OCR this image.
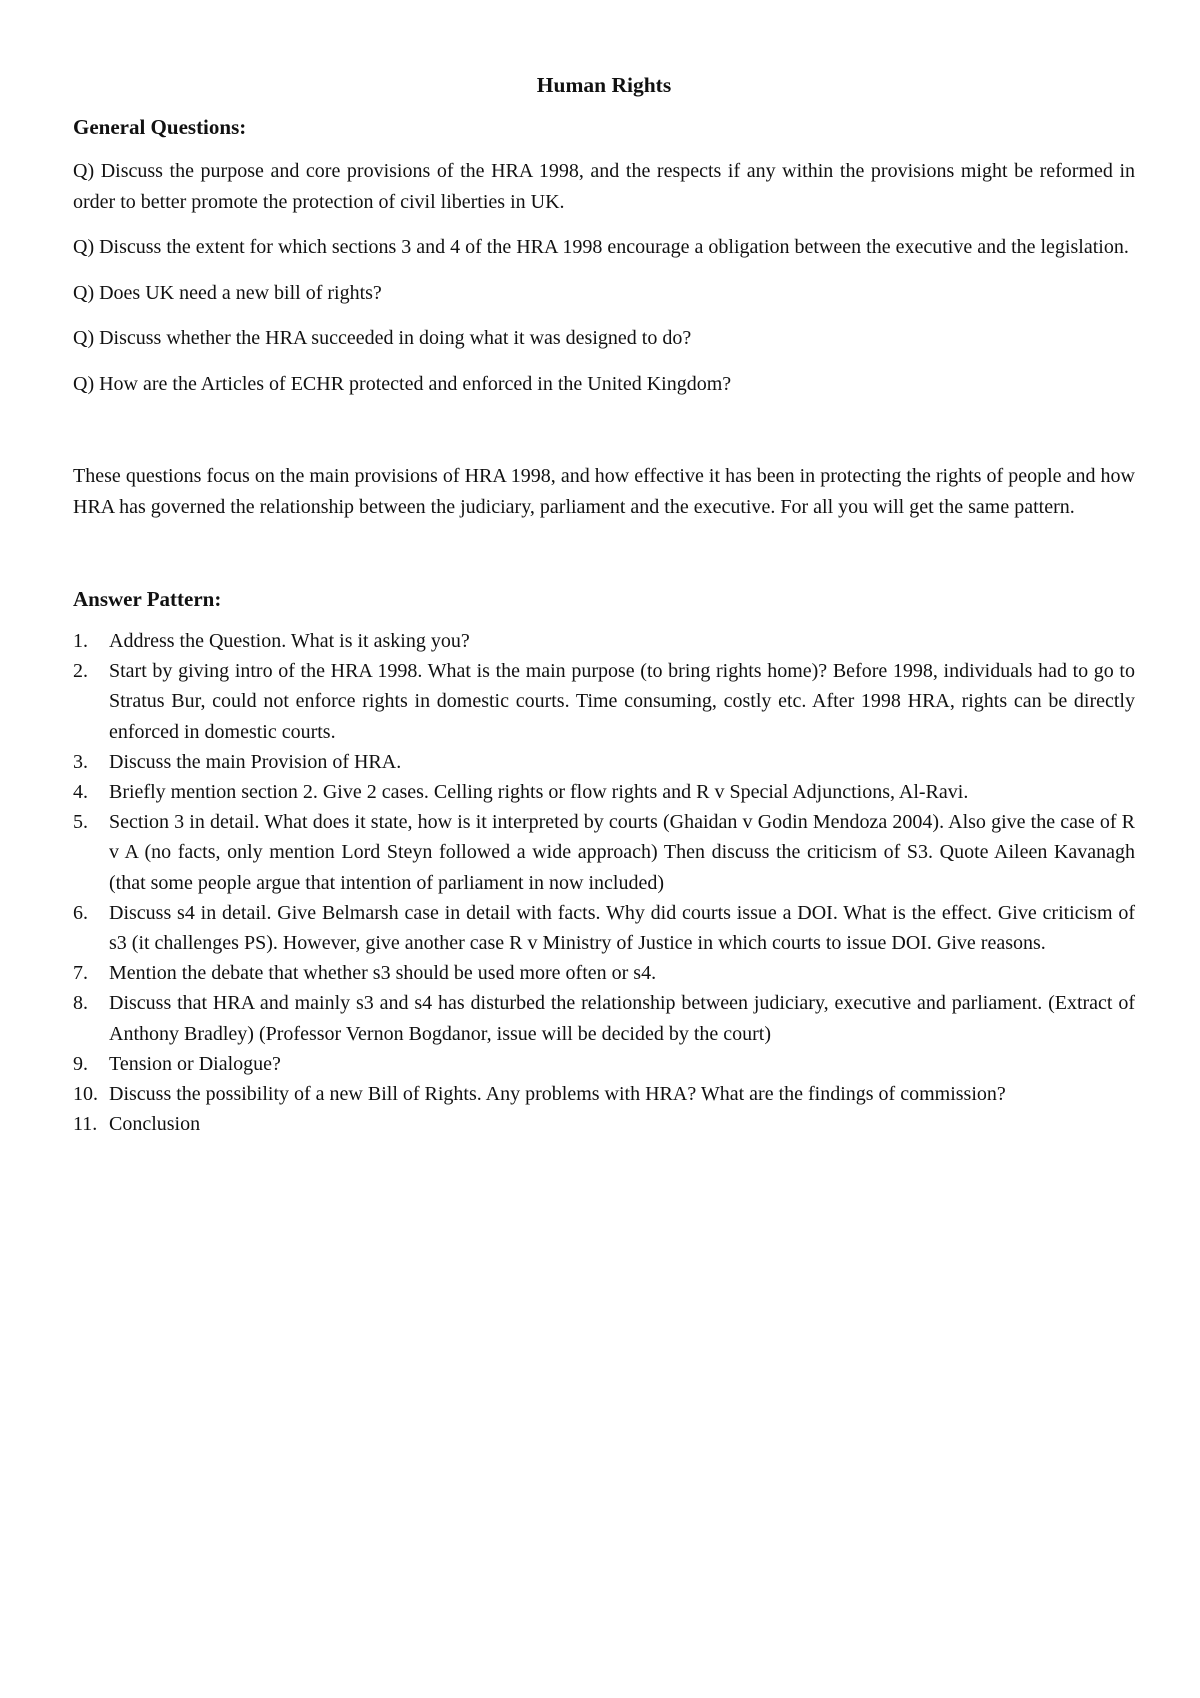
Human Rights
General Questions:

Q) Discuss the purpose and core provisions of the HRA 1998, and the respects if any within the provisions might be reformed in order to better promote the protection of civil liberties in UK.

Q) Discuss the extent for which sections 3 and 4 of the HRA 1998 encourage a obligation between the executive and the legislation.

Q) Does UK need a new bill of rights?

Q) Discuss whether the HRA succeeded in doing what it was designed to do?

Q) How are the Articles of ECHR protected and enforced in the United Kingdom?

These questions focus on the main provisions of HRA 1998, and how effective it has been in protecting the rights of people and how HRA has governed the relationship between the judiciary, parliament and the executive. For all you will get the same pattern.

Answer Pattern:
1. Address the Question. What is it asking you?
2. Start by giving intro of the HRA 1998. What is the main purpose (to bring rights home)? Before 1998, individuals had to go to Stratus Bur, could not enforce rights in domestic courts. Time consuming, costly etc. After 1998 HRA, rights can be directly enforced in domestic courts.
3. Discuss the main Provision of HRA.
4. Briefly mention section 2. Give 2 cases. Celling rights or flow rights and R v Special Adjunctions, Al-Ravi.
5. Section 3 in detail. What does it state, how is it interpreted by courts (Ghaidan v Godin Mendoza 2004). Also give the case of R v A (no facts, only mention Lord Steyn followed a wide approach) Then discuss the criticism of S3. Quote Aileen Kavanagh (that some people argue that intention of parliament in now included)
6. Discuss s4 in detail. Give Belmarsh case in detail with facts. Why did courts issue a DOI. What is the effect. Give criticism of s3 (it challenges PS). However, give another case R v Ministry of Justice in which courts to issue DOI. Give reasons.
7. Mention the debate that whether s3 should be used more often or s4.
8. Discuss that HRA and mainly s3 and s4 has disturbed the relationship between judiciary, executive and parliament. (Extract of Anthony Bradley) (Professor Vernon Bogdanor, issue will be decided by the court)
9. Tension or Dialogue?
10. Discuss the possibility of a new Bill of Rights. Any problems with HRA? What are the findings of commission?
11. Conclusion
